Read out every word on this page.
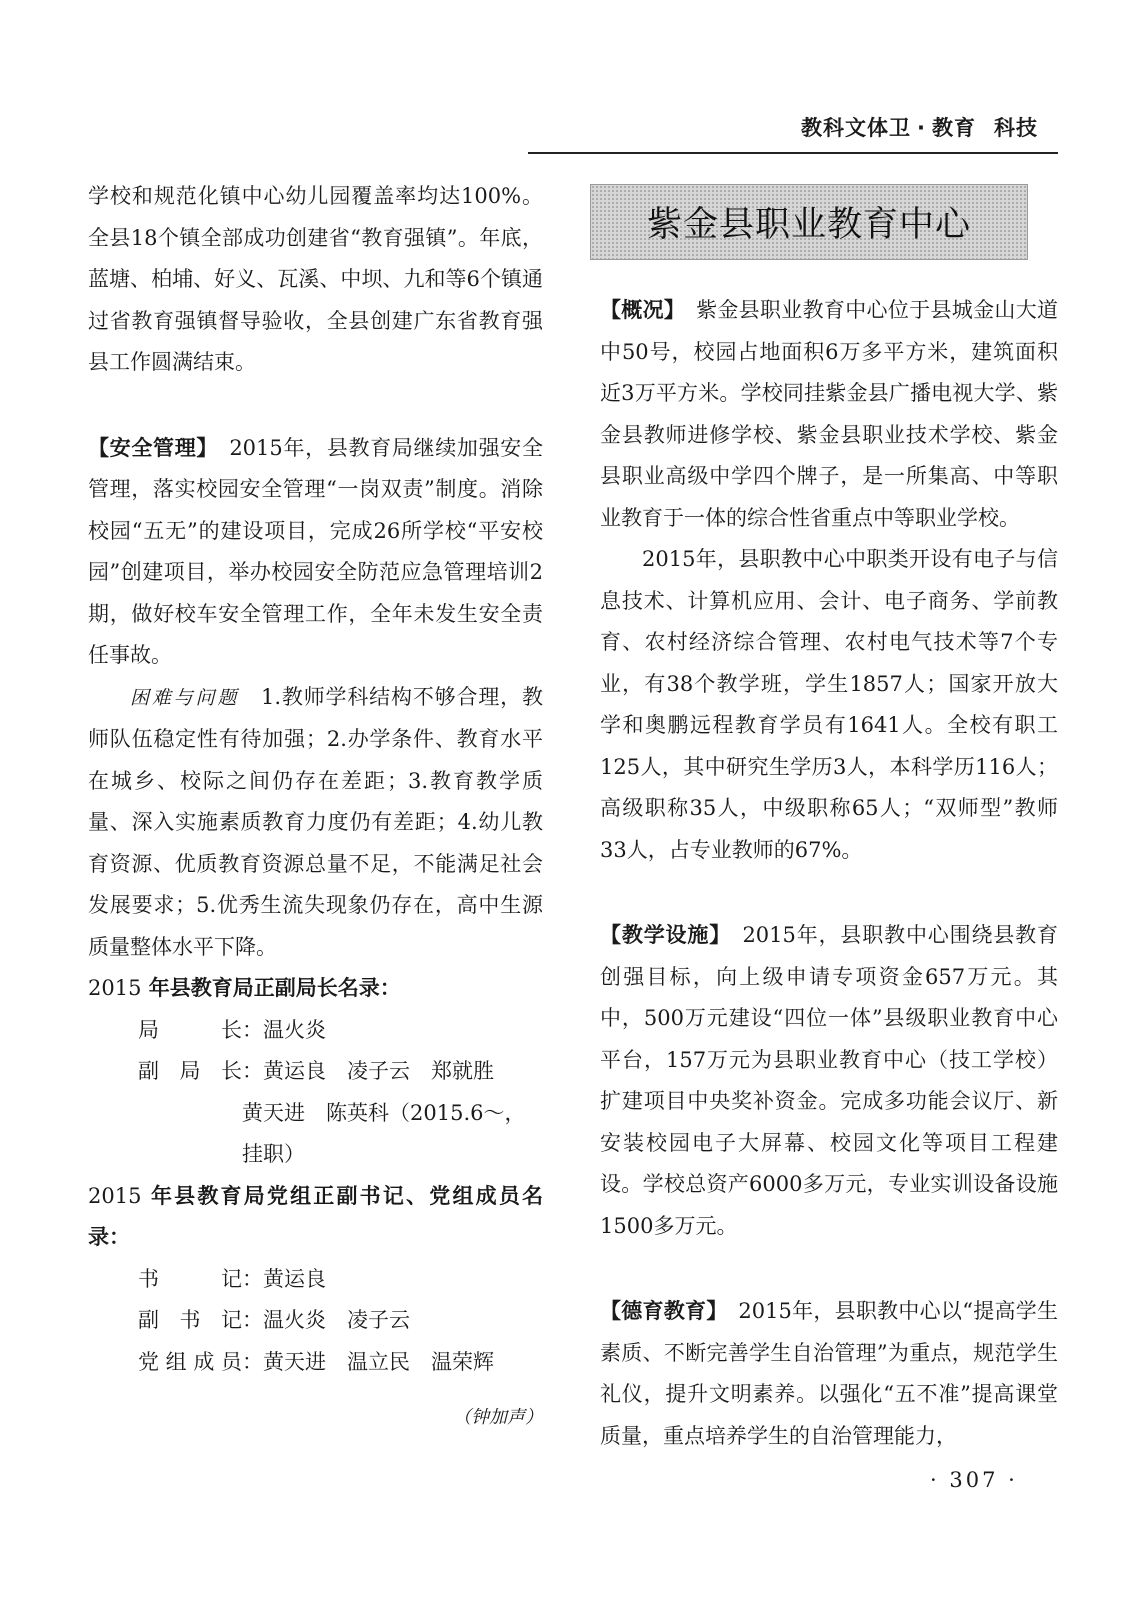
教科文体卫 · 教育 科技

学校和规范化镇中心幼儿园覆盖率均达100%。全县18个镇全部成功创建省“教育强镇”。年底，蓝塘、柏埔、好义、瓦溪、中坝、九和等6个镇通过省教育强镇督导验收，全县创建广东省教育强县工作圆满结束。

【安全管理】　 2015年，县教育局继续加强安全管理，落实校园安全管理“一岗双责”制度。消除校园“五无”的建设项目，完成26所学校“平安校园”创建项目，举办校园安全防范应急管理培训2期，做好校车安全管理工作，全年未发生安全责任事故。

困难与问题　 1.教师学科结构不够合理，教师队伍稳定性有待加强；2.办学条件、教育水平在城乡、校际之间仍存在差距；3.教育教学质量、深入实施素质教育力度仍有差距；4.幼儿教育资源、优质教育资源总量不足，不能满足社会发展要求；5.优秀生流失现象仍存在，高中生源质量整体水平下降。

2015 年县教育局正副局长名录：

局长 ： 温火炎
副局长 ： 黄运良　凌子云　郑就胜

黄天进　陈英科（2015.6～，

挂职）

2015 年县教育局党组正副书记、党组成员名录：

书记 ： 黄运良
副书记 ： 温火炎　凌子云
党组成员 ： 黄天进　温立民　温荣辉

（钟加声）

紫金县职业教育中心

【概况】　 紫金县职业教育中心位于县城金山大道中50号，校园占地面积6万多平方米，建筑面积近3万平方米。学校同挂紫金县广播电视大学、紫金县教师进修学校、紫金县职业技术学校、紫金县职业高级中学四个牌子，是一所集高、中等职业教育于一体的综合性省重点中等职业学校。

2015年，县职教中心中职类开设有电子与信息技术、计算机应用、会计、电子商务、学前教育、农村经济综合管理、农村电气技术等7个专业，有38个教学班，学生1857人；国家开放大学和奥鹏远程教育学员有1641人。全校有职工125人，其中研究生学历3人，本科学历116人；高级职称35人，中级职称65人；“双师型”教师33人，占专业教师的67%。

【教学设施】　 2015年，县职教中心围绕县教育创强目标，向上级申请专项资金657万元。其中，500万元建设“四位一体”县级职业教育中心平台，157万元为县职业教育中心（技工学校）扩建项目中央奖补资金。完成多功能会议厅、新安装校园电子大屏幕、校园文化等项目工程建设。学校总资产6000多万元，专业实训设备设施1500多万元。

【德育教育】　 2015年，县职教中心以“提高学生素质、不断完善学生自治管理”为重点，规范学生礼仪，提升文明素养。以强化“五不准”提高课堂质量，重点培养学生的自治管理能力，

· 307 ·
